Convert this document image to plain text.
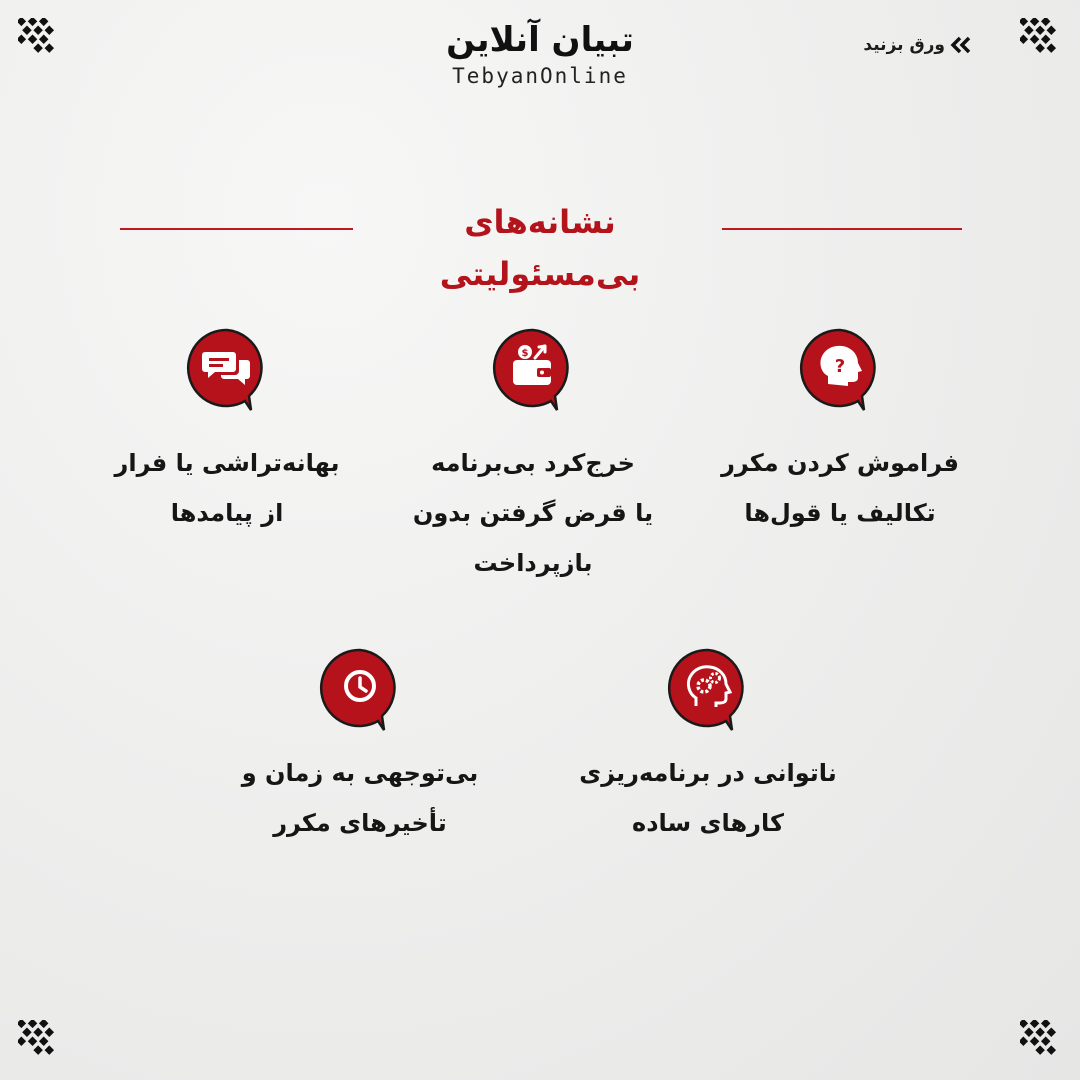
ورق بزنید
تبیان آنلاین
TebyanOnline
نشانه‌های بی‌مسئولیتی
?
فراموش کردن مکرر
تکالیف یا قول‌ها
$
خرج‌کرد بی‌برنامه
یا قرض گرفتن بدون
بازپرداخت
بهانه‌تراشی یا فرار
از پیامدها
ناتوانی در برنامه‌ریزی
کارهای ساده
بی‌توجهی به زمان و
تأخیرهای مکرر
